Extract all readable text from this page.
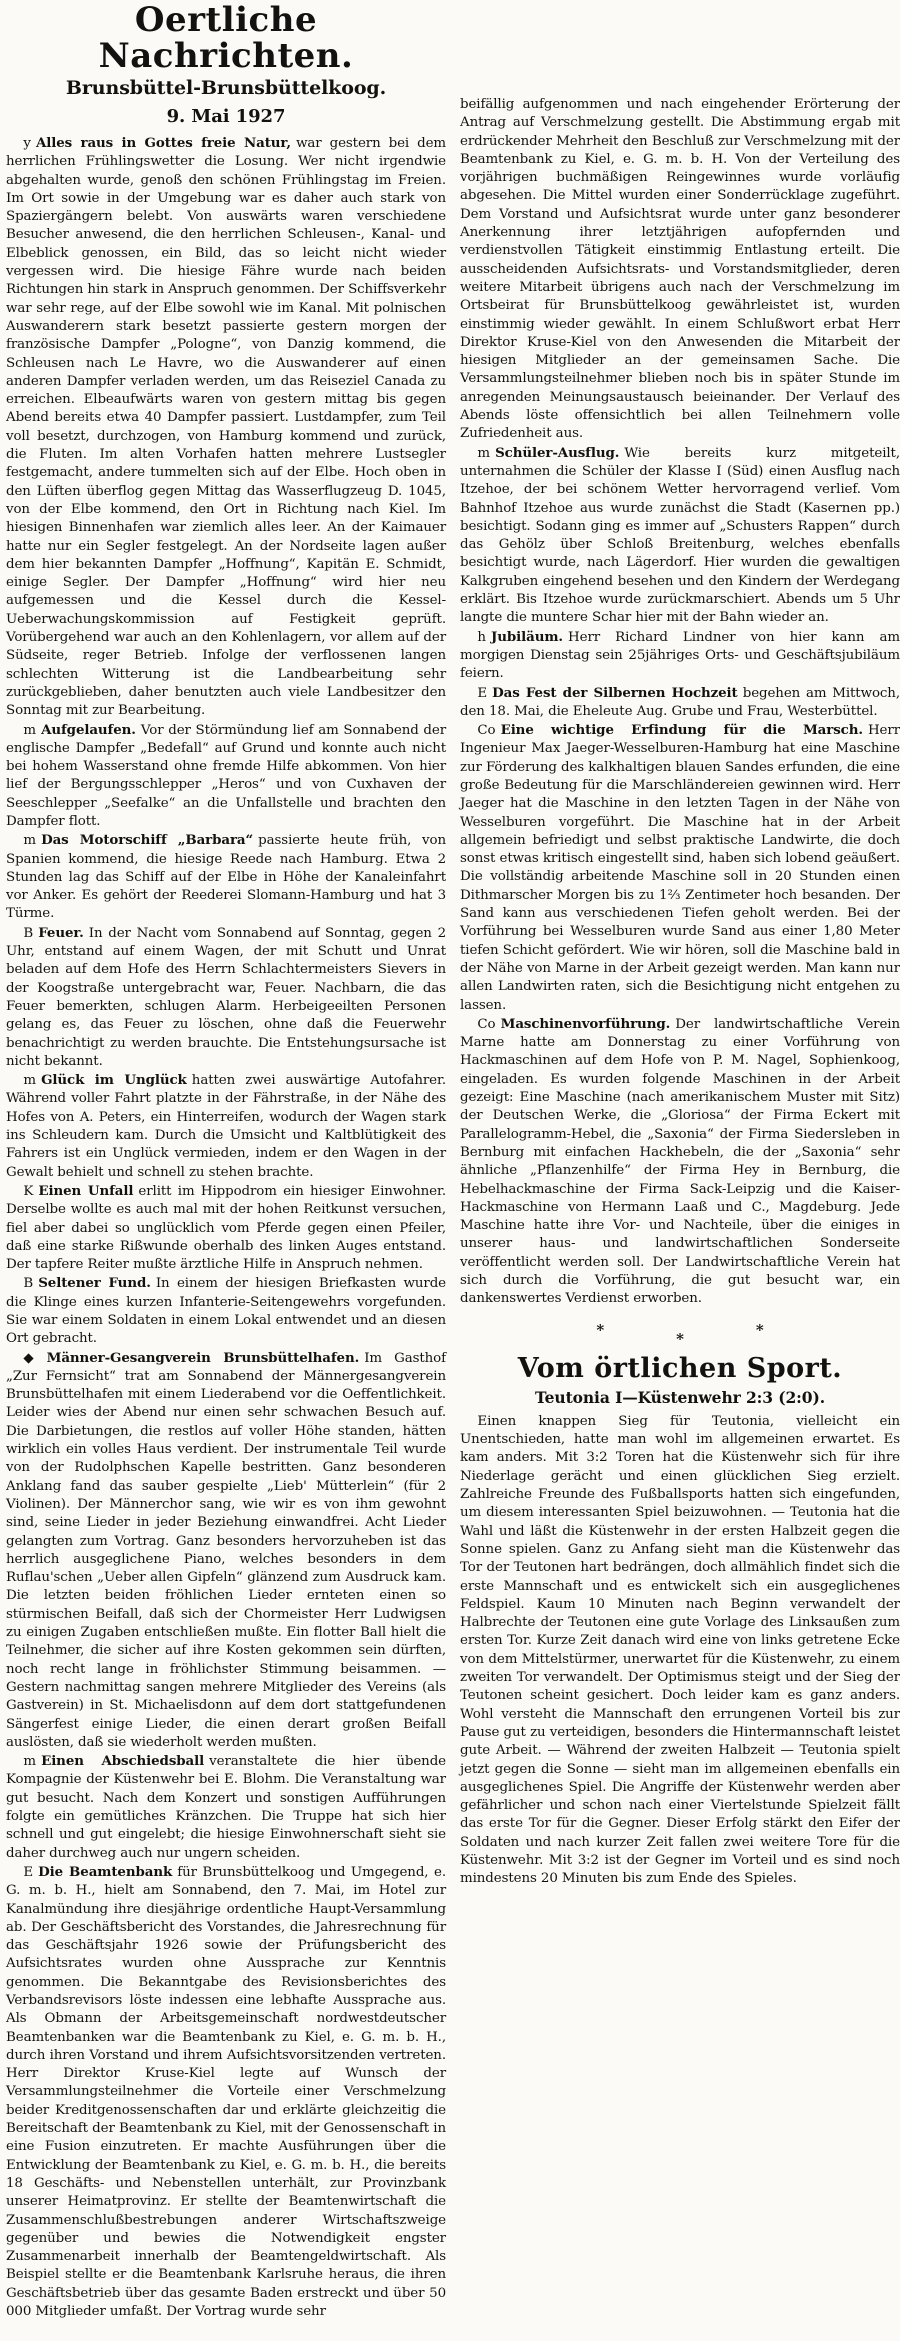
Oertliche Nachrichten.
Brunsbüttel-Brunsbüttelkoog.
9. Mai 1927

y Alles raus in Gottes freie Natur, war gestern bei dem herrlichen Frühlingswetter die Losung. Wer nicht irgendwie abgehalten wurde, genoß den schönen Frühlingstag im Freien. Im Ort sowie in der Umgebung war es daher auch stark von Spaziergängern belebt. Von auswärts waren verschiedene Besucher anwesend, die den herrlichen Schleusen-, Kanal- und Elbeblick genossen, ein Bild, das so leicht nicht wieder vergessen wird. Die hiesige Fähre wurde nach beiden Richtungen hin stark in Anspruch genommen. Der Schiffsverkehr war sehr rege, auf der Elbe sowohl wie im Kanal. Mit polnischen Auswanderern stark besetzt passierte gestern morgen der französische Dampfer „Pologne“, von Danzig kommend, die Schleusen nach Le Havre, wo die Auswanderer auf einen anderen Dampfer verladen werden, um das Reiseziel Canada zu erreichen. Elbeaufwärts waren von gestern mittag bis gegen Abend bereits etwa 40 Dampfer passiert. Lustdampfer, zum Teil voll besetzt, durchzogen, von Hamburg kommend und zurück, die Fluten. Im alten Vorhafen hatten mehrere Lustsegler festgemacht, andere tummelten sich auf der Elbe. Hoch oben in den Lüften überflog gegen Mittag das Wasserflugzeug D. 1045, von der Elbe kommend, den Ort in Richtung nach Kiel. Im hiesigen Binnenhafen war ziemlich alles leer. An der Kaimauer hatte nur ein Segler festgelegt. An der Nordseite lagen außer dem hier bekannten Dampfer „Hoffnung“, Kapitän E. Schmidt, einige Segler. Der Dampfer „Hoffnung“ wird hier neu aufgemessen und die Kessel durch die Kessel-Ueberwachungskommission auf Festigkeit geprüft. Vorübergehend war auch an den Kohlenlagern, vor allem auf der Südseite, reger Betrieb. Infolge der verflossenen langen schlechten Witterung ist die Landbearbeitung sehr zurückgeblieben, daher benutzten auch viele Landbesitzer den Sonntag mit zur Bearbeitung.

m Aufgelaufen. Vor der Störmündung lief am Sonnabend der englische Dampfer „Bedefall“ auf Grund und konnte auch nicht bei hohem Wasserstand ohne fremde Hilfe abkommen. Von hier lief der Bergungsschlepper „Heros“ und von Cuxhaven der Seeschlepper „Seefalke“ an die Unfallstelle und brachten den Dampfer flott.

m Das Motorschiff „Barbara“ passierte heute früh, von Spanien kommend, die hiesige Reede nach Hamburg. Etwa 2 Stunden lag das Schiff auf der Elbe in Höhe der Kanaleinfahrt vor Anker. Es gehört der Reederei Slomann-Hamburg und hat 3 Türme.

B Feuer. In der Nacht vom Sonnabend auf Sonntag, gegen 2 Uhr, entstand auf einem Wagen, der mit Schutt und Unrat beladen auf dem Hofe des Herrn Schlachtermeisters Sievers in der Koogstraße untergebracht war, Feuer. Nachbarn, die das Feuer bemerkten, schlugen Alarm. Herbeigeeilten Personen gelang es, das Feuer zu löschen, ohne daß die Feuerwehr benachrichtigt zu werden brauchte. Die Entstehungsursache ist nicht bekannt.

m Glück im Unglück hatten zwei auswärtige Autofahrer. Während voller Fahrt platzte in der Fährstraße, in der Nähe des Hofes von A. Peters, ein Hinterreifen, wodurch der Wagen stark ins Schleudern kam. Durch die Umsicht und Kaltblütigkeit des Fahrers ist ein Unglück vermieden, indem er den Wagen in der Gewalt behielt und schnell zu stehen brachte.

K Einen Unfall erlitt im Hippodrom ein hiesiger Einwohner. Derselbe wollte es auch mal mit der hohen Reitkunst versuchen, fiel aber dabei so unglücklich vom Pferde gegen einen Pfeiler, daß eine starke Rißwunde oberhalb des linken Auges entstand. Der tapfere Reiter mußte ärztliche Hilfe in Anspruch nehmen.

B Seltener Fund. In einem der hiesigen Briefkasten wurde die Klinge eines kurzen Infanterie-Seitengewehrs vorgefunden. Sie war einem Soldaten in einem Lokal entwendet und an diesen Ort gebracht.

◆ Männer-Gesangverein Brunsbüttelhafen. Im Gasthof „Zur Fernsicht“ trat am Sonnabend der Männergesangverein Brunsbüttelhafen mit einem Liederabend vor die Oeffentlichkeit. Leider wies der Abend nur einen sehr schwachen Besuch auf. Die Darbietungen, die restlos auf voller Höhe standen, hätten wirklich ein volles Haus verdient. Der instrumentale Teil wurde von der Rudolphschen Kapelle bestritten. Ganz besonderen Anklang fand das sauber gespielte „Lieb' Mütterlein“ (für 2 Violinen). Der Männerchor sang, wie wir es von ihm gewohnt sind, seine Lieder in jeder Beziehung einwandfrei. Acht Lieder gelangten zum Vortrag. Ganz besonders hervorzuheben ist das herrlich ausgeglichene Piano, welches besonders in dem Ruflau'schen „Ueber allen Gipfeln“ glänzend zum Ausdruck kam. Die letzten beiden fröhlichen Lieder ernteten einen so stürmischen Beifall, daß sich der Chormeister Herr Ludwigsen zu einigen Zugaben entschließen mußte. Ein flotter Ball hielt die Teilnehmer, die sicher auf ihre Kosten gekommen sein dürften, noch recht lange in fröhlichster Stimmung beisammen. — Gestern nachmittag sangen mehrere Mitglieder des Vereins (als Gastverein) in St. Michaelisdonn auf dem dort stattgefundenen Sängerfest einige Lieder, die einen derart großen Beifall auslösten, daß sie wiederholt werden mußten.

m Einen Abschiedsball veranstaltete die hier übende Kompagnie der Küstenwehr bei E. Blohm. Die Veranstaltung war gut besucht. Nach dem Konzert und sonstigen Aufführungen folgte ein gemütliches Kränzchen. Die Truppe hat sich hier schnell und gut eingelebt; die hiesige Einwohnerschaft sieht sie daher durchweg auch nur ungern scheiden.

E Die Beamtenbank für Brunsbüttelkoog und Umgegend, e. G. m. b. H., hielt am Sonnabend, den 7. Mai, im Hotel zur Kanalmündung ihre diesjährige ordentliche Haupt-Versammlung ab. Der Geschäftsbericht des Vorstandes, die Jahresrechnung für das Geschäftsjahr 1926 sowie der Prüfungsbericht des Aufsichtsrates wurden ohne Aussprache zur Kenntnis genommen. Die Bekanntgabe des Revisionsberichtes des Verbandsrevisors löste indessen eine lebhafte Aussprache aus. Als Obmann der Arbeitsgemeinschaft nordwestdeutscher Beamtenbanken war die Beamtenbank zu Kiel, e. G. m. b. H., durch ihren Vorstand und ihrem Aufsichtsvorsitzenden vertreten. Herr Direktor Kruse-Kiel legte auf Wunsch der Versammlungsteilnehmer die Vorteile einer Verschmelzung beider Kreditgenossenschaften dar und erklärte gleichzeitig die Bereitschaft der Beamtenbank zu Kiel, mit der Genossenschaft in eine Fusion einzutreten. Er machte Ausführungen über die Entwicklung der Beamtenbank zu Kiel, e. G. m. b. H., die bereits 18 Geschäfts- und Nebenstellen unterhält, zur Provinzbank unserer Heimatprovinz. Er stellte der Beamtenwirtschaft die Zusammenschlußbestrebungen anderer Wirtschaftszweige gegenüber und bewies die Notwendigkeit engster Zusammenarbeit innerhalb der Beamtengeldwirtschaft. Als Beispiel stellte er die Beamtenbank Karlsruhe heraus, die ihren Geschäftsbetrieb über das gesamte Baden erstreckt und über 50 000 Mitglieder umfaßt. Der Vortrag wurde sehr

beifällig aufgenommen und nach eingehender Erörterung der Antrag auf Verschmelzung gestellt. Die Abstimmung ergab mit erdrückender Mehrheit den Beschluß zur Verschmelzung mit der Beamtenbank zu Kiel, e. G. m. b. H. Von der Verteilung des vorjährigen buchmäßigen Reingewinnes wurde vorläufig abgesehen. Die Mittel wurden einer Sonderrücklage zugeführt. Dem Vorstand und Aufsichtsrat wurde unter ganz besonderer Anerkennung ihrer letztjährigen aufopfernden und verdienstvollen Tätigkeit einstimmig Entlastung erteilt. Die ausscheidenden Aufsichtsrats- und Vorstandsmitglieder, deren weitere Mitarbeit übrigens auch nach der Verschmelzung im Ortsbeirat für Brunsbüttelkoog gewährleistet ist, wurden einstimmig wieder gewählt. In einem Schlußwort erbat Herr Direktor Kruse-Kiel von den Anwesenden die Mitarbeit der hiesigen Mitglieder an der gemeinsamen Sache. Die Versammlungsteilnehmer blieben noch bis in später Stunde im anregenden Meinungsaustausch beieinander. Der Verlauf des Abends löste offensichtlich bei allen Teilnehmern volle Zufriedenheit aus.

m Schüler-Ausflug. Wie bereits kurz mitgeteilt, unternahmen die Schüler der Klasse I (Süd) einen Ausflug nach Itzehoe, der bei schönem Wetter hervorragend verlief. Vom Bahnhof Itzehoe aus wurde zunächst die Stadt (Kasernen pp.) besichtigt. Sodann ging es immer auf „Schusters Rappen“ durch das Gehölz über Schloß Breitenburg, welches ebenfalls besichtigt wurde, nach Lägerdorf. Hier wurden die gewaltigen Kalkgruben eingehend besehen und den Kindern der Werdegang erklärt. Bis Itzehoe wurde zurückmarschiert. Abends um 5 Uhr langte die muntere Schar hier mit der Bahn wieder an.

h Jubiläum. Herr Richard Lindner von hier kann am morgigen Dienstag sein 25jähriges Orts- und Geschäftsjubiläum feiern.

E Das Fest der Silbernen Hochzeit begehen am Mittwoch, den 18. Mai, die Eheleute Aug. Grube und Frau, Westerbüttel.

Co Eine wichtige Erfindung für die Marsch. Herr Ingenieur Max Jaeger-Wesselburen-Hamburg hat eine Maschine zur Förderung des kalkhaltigen blauen Sandes erfunden, die eine große Bedeutung für die Marschländereien gewinnen wird. Herr Jaeger hat die Maschine in den letzten Tagen in der Nähe von Wesselburen vorgeführt. Die Maschine hat in der Arbeit allgemein befriedigt und selbst praktische Landwirte, die doch sonst etwas kritisch eingestellt sind, haben sich lobend geäußert. Die vollständig arbeitende Maschine soll in 20 Stunden einen Dithmarscher Morgen bis zu 1⅔ Zentimeter hoch besanden. Der Sand kann aus verschiedenen Tiefen geholt werden. Bei der Vorführung bei Wesselburen wurde Sand aus einer 1,80 Meter tiefen Schicht gefördert. Wie wir hören, soll die Maschine bald in der Nähe von Marne in der Arbeit gezeigt werden. Man kann nur allen Landwirten raten, sich die Besichtigung nicht entgehen zu lassen.

Co Maschinenvorführung. Der landwirtschaftliche Verein Marne hatte am Donnerstag zu einer Vorführung von Hackmaschinen auf dem Hofe von P. M. Nagel, Sophienkoog, eingeladen. Es wurden folgende Maschinen in der Arbeit gezeigt: Eine Maschine (nach amerikanischem Muster mit Sitz) der Deutschen Werke, die „Gloriosa“ der Firma Eckert mit Parallelogramm-Hebel, die „Saxonia“ der Firma Siedersleben in Bernburg mit einfachen Hackhebeln, die der „Saxonia“ sehr ähnliche „Pflanzenhilfe“ der Firma Hey in Bernburg, die Hebelhackmaschine der Firma Sack-Leipzig und die Kaiser-Hackmaschine von Hermann Laaß und C., Magdeburg. Jede Maschine hatte ihre Vor- und Nachteile, über die einiges in unserer haus- und landwirtschaftlichen Sonderseite veröffentlicht werden soll. Der Landwirtschaftliche Verein hat sich durch die Vorführung, die gut besucht war, ein dankenswertes Verdienst erworben.

*	*	*
Vom örtlichen Sport.
Teutonia I—Küstenwehr 2:3 (2:0).

Einen knappen Sieg für Teutonia, vielleicht ein Unentschieden, hatte man wohl im allgemeinen erwartet. Es kam anders. Mit 3:2 Toren hat die Küstenwehr sich für ihre Niederlage gerächt und einen glücklichen Sieg erzielt. Zahlreiche Freunde des Fußballsports hatten sich eingefunden, um diesem interessanten Spiel beizuwohnen. — Teutonia hat die Wahl und läßt die Küstenwehr in der ersten Halbzeit gegen die Sonne spielen. Ganz zu Anfang sieht man die Küstenwehr das Tor der Teutonen hart bedrängen, doch allmählich findet sich die erste Mannschaft und es entwickelt sich ein ausgeglichenes Feldspiel. Kaum 10 Minuten nach Beginn verwandelt der Halbrechte der Teutonen eine gute Vorlage des Linksaußen zum ersten Tor. Kurze Zeit danach wird eine von links getretene Ecke von dem Mittelstürmer, unerwartet für die Küstenwehr, zu einem zweiten Tor verwandelt. Der Optimismus steigt und der Sieg der Teutonen scheint gesichert. Doch leider kam es ganz anders. Wohl versteht die Mannschaft den errungenen Vorteil bis zur Pause gut zu verteidigen, besonders die Hintermannschaft leistet gute Arbeit. — Während der zweiten Halbzeit — Teutonia spielt jetzt gegen die Sonne — sieht man im allgemeinen ebenfalls ein ausgeglichenes Spiel. Die Angriffe der Küstenwehr werden aber gefährlicher und schon nach einer Viertelstunde Spielzeit fällt das erste Tor für die Gegner. Dieser Erfolg stärkt den Eifer der Soldaten und nach kurzer Zeit fallen zwei weitere Tore für die Küstenwehr. Mit 3:2 ist der Gegner im Vorteil und es sind noch mindestens 20 Minuten bis zum Ende des Spieles.
